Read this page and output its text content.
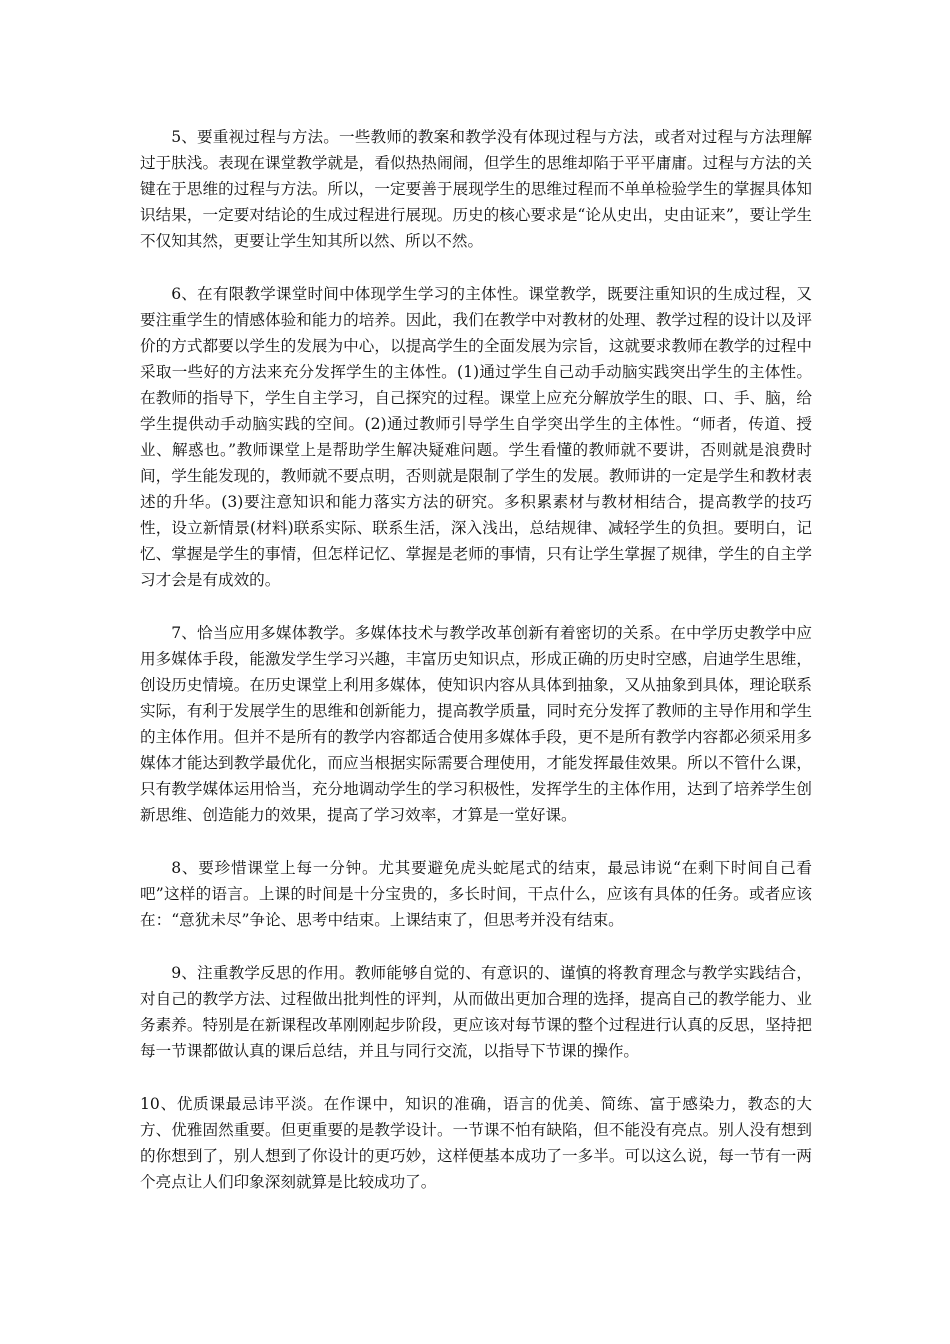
5、要重视过程与方法。一些教师的教案和教学没有体现过程与方法，或者对过程与方法理解过于肤浅。表现在课堂教学就是，看似热热闹闹，但学生的思维却陷于平平庸庸。过程与方法的关键在于思维的过程与方法。所以，一定要善于展现学生的思维过程而不单单检验学生的掌握具体知识结果，一定要对结论的生成过程进行展现。历史的核心要求是“论从史出，史由证来”，要让学生不仅知其然，更要让学生知其所以然、所以不然。

6、在有限教学课堂时间中体现学生学习的主体性。课堂教学，既要注重知识的生成过程，又要注重学生的情感体验和能力的培养。因此，我们在教学中对教材的处理、教学过程的设计以及评价的方式都要以学生的发展为中心，以提高学生的全面发展为宗旨，这就要求教师在教学的过程中采取一些好的方法来充分发挥学生的主体性。(1)通过学生自己动手动脑实践突出学生的主体性。在教师的指导下，学生自主学习，自己探究的过程。课堂上应充分解放学生的眼、口、手、脑，给学生提供动手动脑实践的空间。(2)通过教师引导学生自学突出学生的主体性。“师者，传道、授业、解惑也。”教师课堂上是帮助学生解决疑难问题。学生看懂的教师就不要讲，否则就是浪费时间，学生能发现的，教师就不要点明，否则就是限制了学生的发展。教师讲的一定是学生和教材表述的升华。(3)要注意知识和能力落实方法的研究。多积累素材与教材相结合，提高教学的技巧性，设立新情景(材料)联系实际、联系生活，深入浅出，总结规律、减轻学生的负担。要明白，记忆、掌握是学生的事情，但怎样记忆、掌握是老师的事情，只有让学生掌握了规律，学生的自主学习才会是有成效的。

7、恰当应用多媒体教学。多媒体技术与教学改革创新有着密切的关系。在中学历史教学中应用多媒体手段，能激发学生学习兴趣，丰富历史知识点，形成正确的历史时空感，启迪学生思维，创设历史情境。在历史课堂上利用多媒体，使知识内容从具体到抽象，又从抽象到具体，理论联系实际，有利于发展学生的思维和创新能力，提高教学质量，同时充分发挥了教师的主导作用和学生的主体作用。但并不是所有的教学内容都适合使用多媒体手段，更不是所有教学内容都必须采用多媒体才能达到教学最优化，而应当根据实际需要合理使用，才能发挥最佳效果。所以不管什么课，只有教学媒体运用恰当，充分地调动学生的学习积极性，发挥学生的主体作用，达到了培养学生创新思维、创造能力的效果，提高了学习效率，才算是一堂好课。

8、要珍惜课堂上每一分钟。尤其要避免虎头蛇尾式的结束，最忌讳说“在剩下时间自己看吧”这样的语言。上课的时间是十分宝贵的，多长时间，干点什么，应该有具体的任务。或者应该在：“意犹未尽”争论、思考中结束。上课结束了，但思考并没有结束。

9、注重教学反思的作用。教师能够自觉的、有意识的、谨慎的将教育理念与教学实践结合，对自己的教学方法、过程做出批判性的评判，从而做出更加合理的选择，提高自己的教学能力、业务素养。特别是在新课程改革刚刚起步阶段，更应该对每节课的整个过程进行认真的反思，坚持把每一节课都做认真的课后总结，并且与同行交流，以指导下节课的操作。

10、优质课最忌讳平淡。在作课中，知识的准确，语言的优美、简练、富于感染力，教态的大方、优雅固然重要。但更重要的是教学设计。一节课不怕有缺陷，但不能没有亮点。别人没有想到的你想到了，别人想到了你设计的更巧妙，这样便基本成功了一多半。可以这么说，每一节有一两个亮点让人们印象深刻就算是比较成功了。
